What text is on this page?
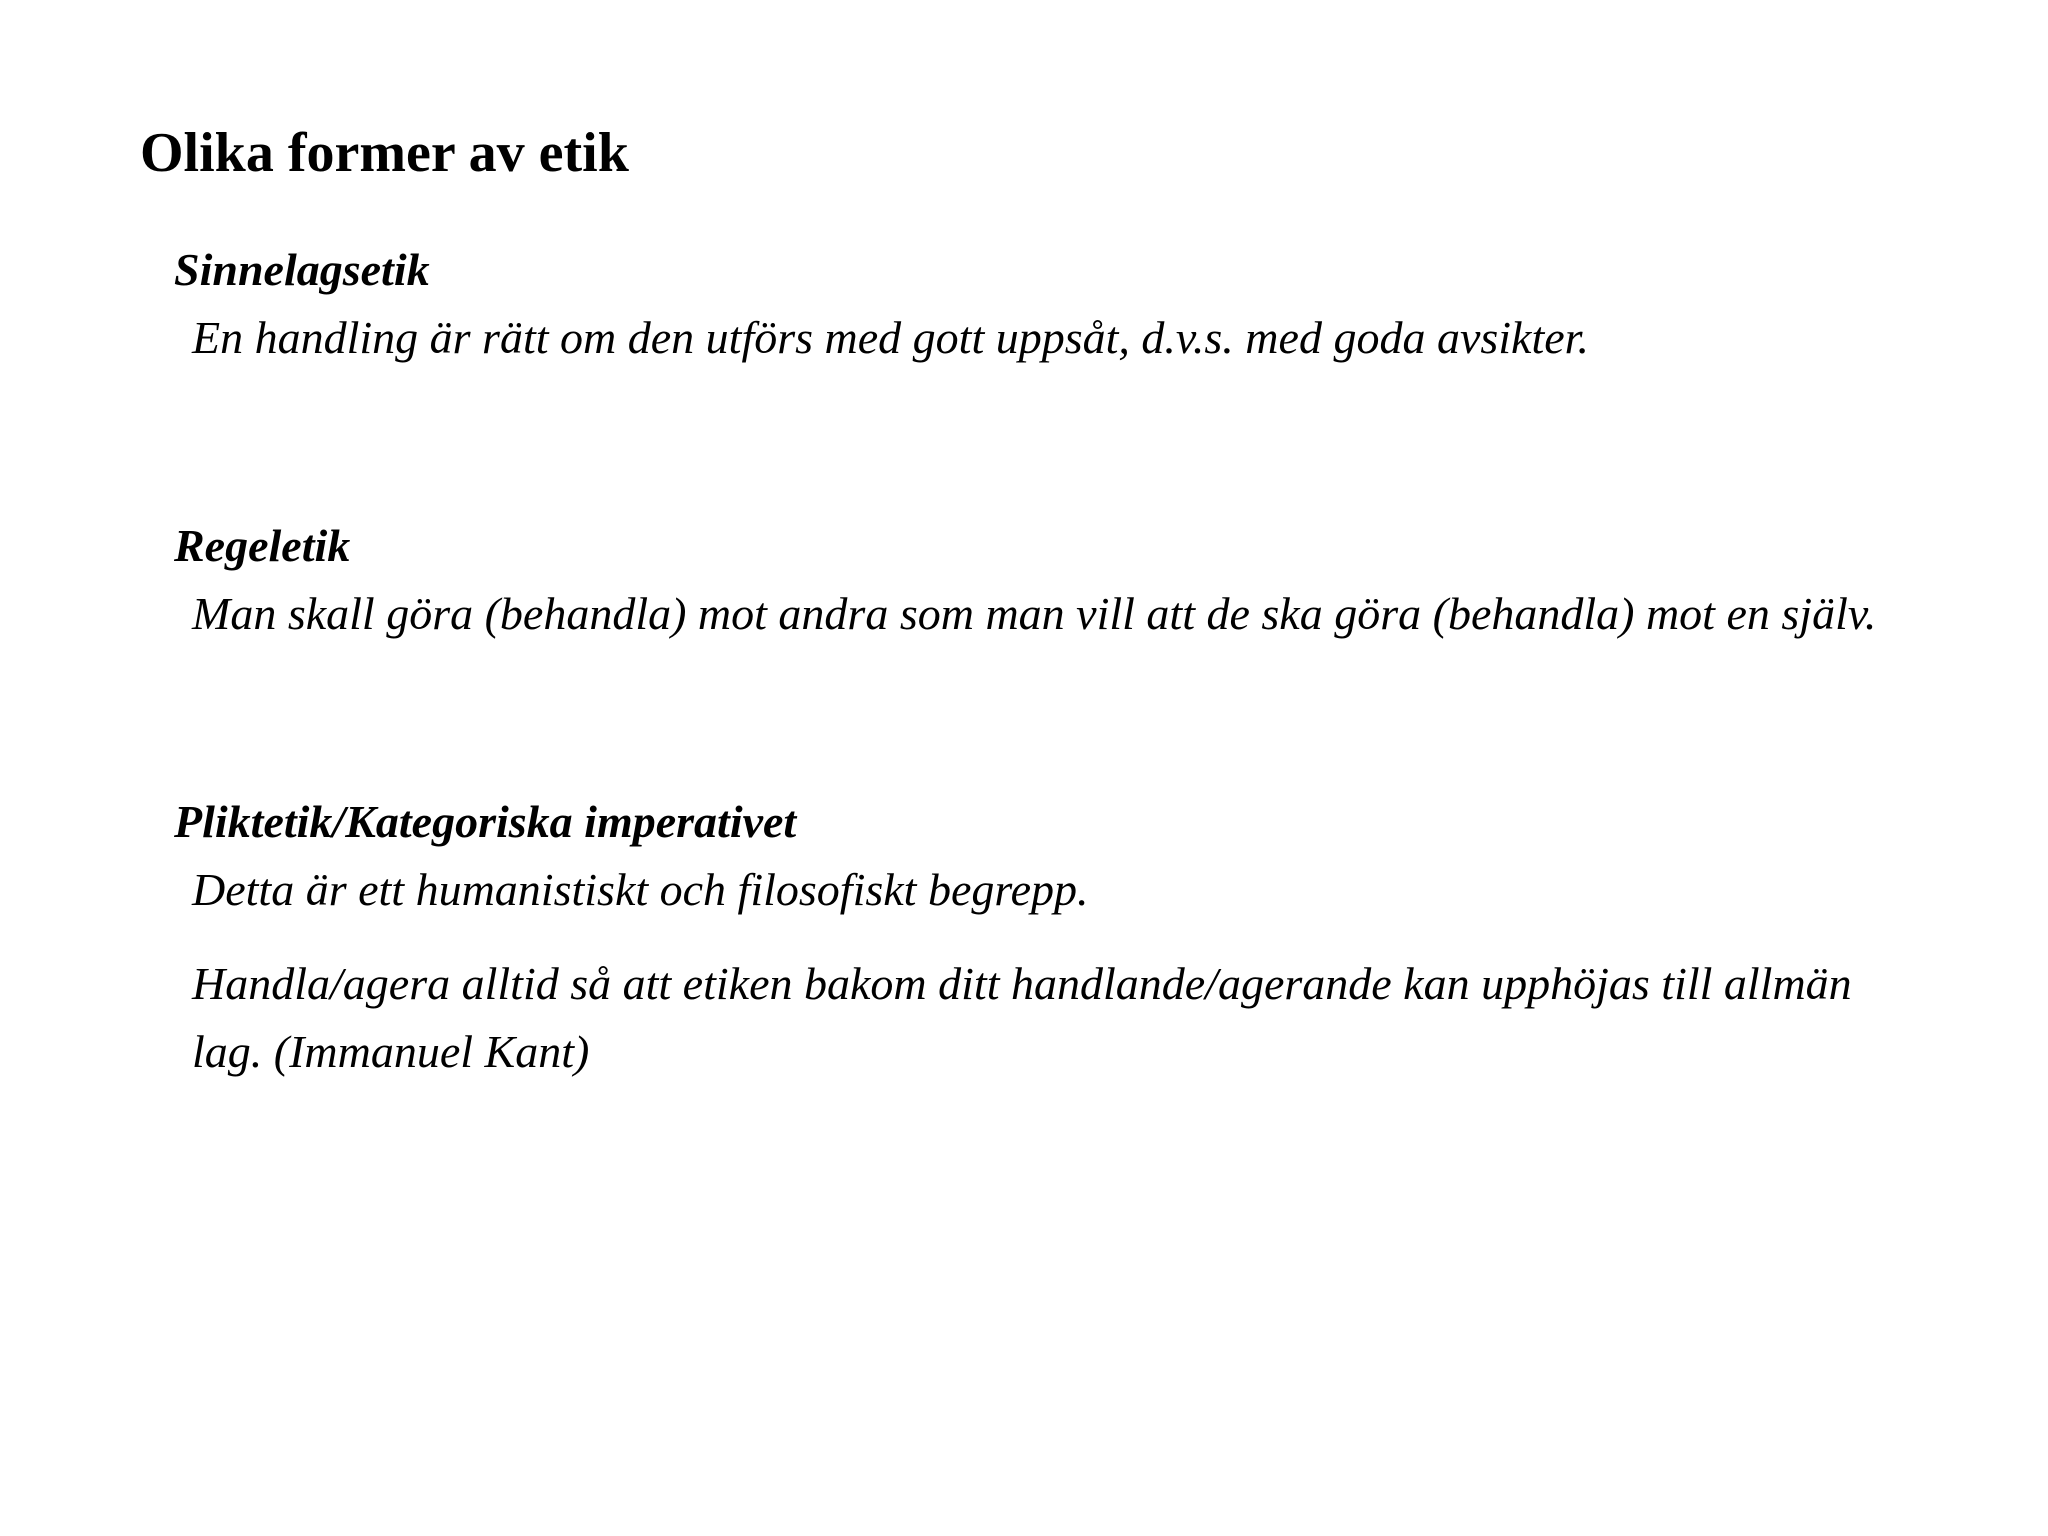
Olika former av etik
Sinnelagsetik
En handling är rätt om den utförs med gott uppsåt, d.v.s. med goda avsikter.
Regeletik
Man skall göra (behandla) mot andra som man vill att de ska göra (behandla) mot en själv.
Pliktetik/Kategoriska imperativet
Detta är ett humanistiskt och filosofiskt begrepp.
Handla/agera alltid så att etiken bakom ditt handlande/agerande kan upphöjas till allmän lag. (Immanuel Kant)
